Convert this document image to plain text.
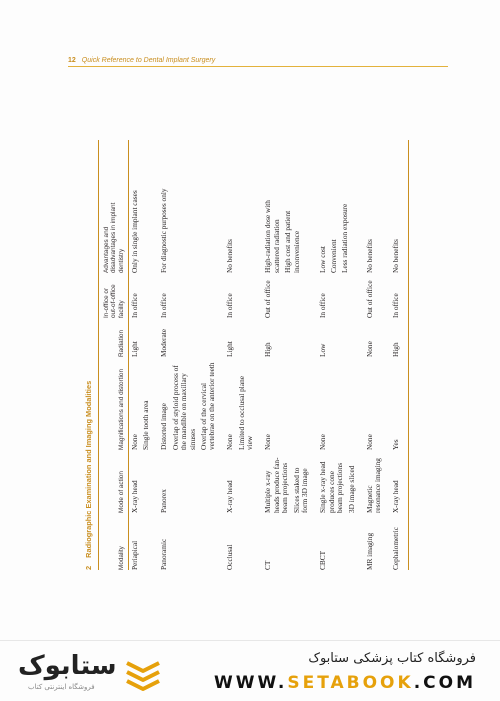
12 Quick Reference to Dental Implant Surgery
2 Radiographic Examination and Imaging Modalities
Modality
Mode of action
Magnifications and distortion
Radiation
In-office or out-of-office facility
Advantages and disadvantages in implant dentistry

Periapical

X-ray head

None Single tooth area

Light

In office

Only in single implant cases

Panoramic

Panorex

Distorted image Overlap of styloid process of the mandible on maxillary sinuses Overlap of the cervical vertebrae on the anterior teeth

Moderate

In office

For diagnostic purposes only

Occlusal

X-ray head

None Limited to occlusal plane view

Light

In office

No benefits

CT

Multiple x-ray heads produce fan-beam projections Slices staked to form 3D image

None

High

Out of office

High-radiation dose with scattered radiation High cost and patient inconvenience

CBCT

Single x-ray head produces cone beam projections 3D image sliced

None

Low

In office

Low cost Convenient Less radiation exposure

MR imaging

Magnetic resonance imaging

None

None

Out of office

No benefits

Cephalometric

X-ray head

Yes

High

In office

No benefits

ستابوک
فروشگاه اینترنتی کتاب
فروشگاه کتاب پزشکی ستابوک
WWW.SETABOOK.COM
